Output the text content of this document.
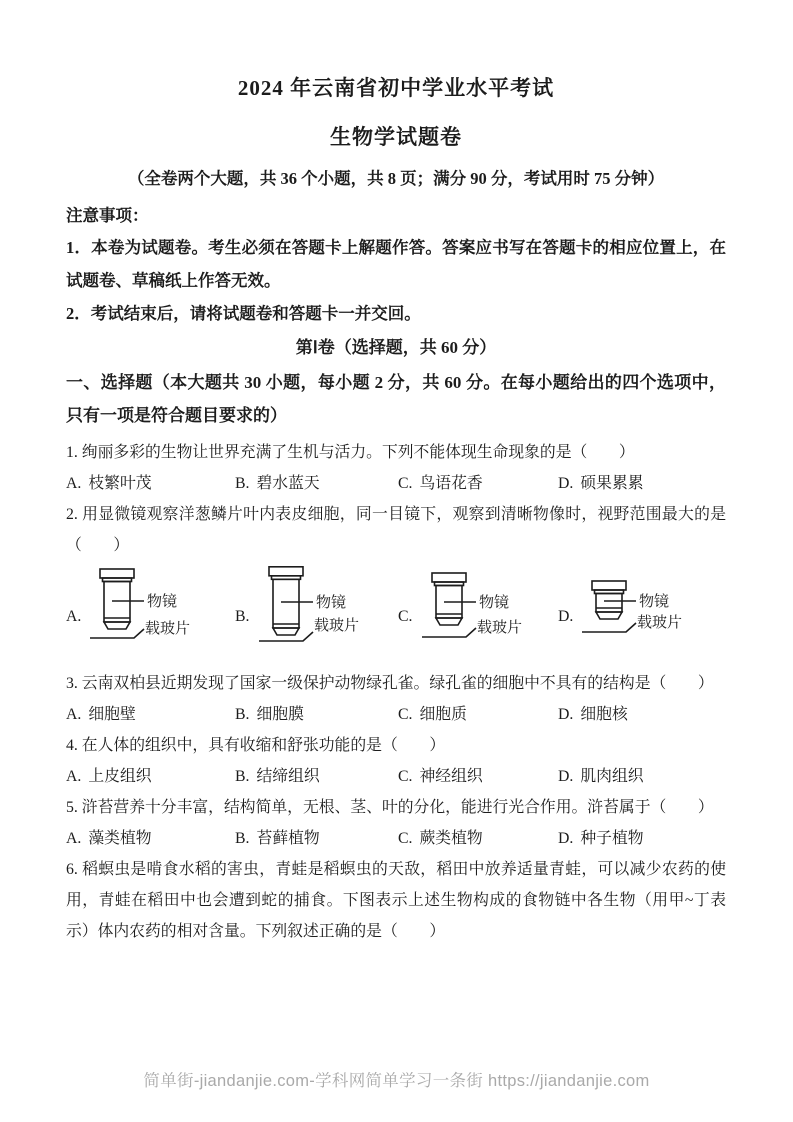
2024 年云南省初中学业水平考试
生物学试题卷
（全卷两个大题，共 36 个小题，共 8 页；满分 90 分，考试用时 75 分钟）
注意事项：

1．本卷为试题卷。考生必须在答题卡上解题作答。答案应书写在答题卡的相应位置上，在试题卷、草稿纸上作答无效。

2．考试结束后，请将试题卷和答题卡一并交回。

第Ⅰ卷（选择题，共 60 分）

一、选择题（本大题共 30 小题，每小题 2 分，共 60 分。在每小题给出的四个选项中，只有一项是符合题目要求的）

1. 绚丽多彩的生物让世界充满了生机与活力。下列不能体现生命现象的是（　　）

A. 枝繁叶茂	B. 碧水蓝天	C. 鸟语花香	D. 硕果累累

2. 用显微镜观察洋葱鳞片叶内表皮细胞，同一目镜下，观察到清晰物像时，视野范围最大的是（　　）

A.
物镜
载玻片
B.
物镜
载玻片
C.
物镜
载玻片
D.
物镜
载玻片

3. 云南双柏县近期发现了国家一级保护动物绿孔雀。绿孔雀的细胞中不具有的结构是（　　）

A. 细胞壁	B. 细胞膜	C. 细胞质	D. 细胞核

4. 在人体的组织中，具有收缩和舒张功能的是（　　）

A. 上皮组织	B. 结缔组织	C. 神经组织	D. 肌肉组织

5. 浒苔营养十分丰富，结构简单，无根、茎、叶的分化，能进行光合作用。浒苔属于（　　）

A. 藻类植物	B. 苔藓植物	C. 蕨类植物	D. 种子植物

6. 稻螟虫是啃食水稻的害虫，青蛙是稻螟虫的天敌，稻田中放养适量青蛙，可以减少农药的使用，青蛙在稻田中也会遭到蛇的捕食。下图表示上述生物构成的食物链中各生物（用甲~丁表示）体内农药的相对含量。下列叙述正确的是（　　）

简单街-jiandanjie.com-学科网简单学习一条街 https://jiandanjie.com
